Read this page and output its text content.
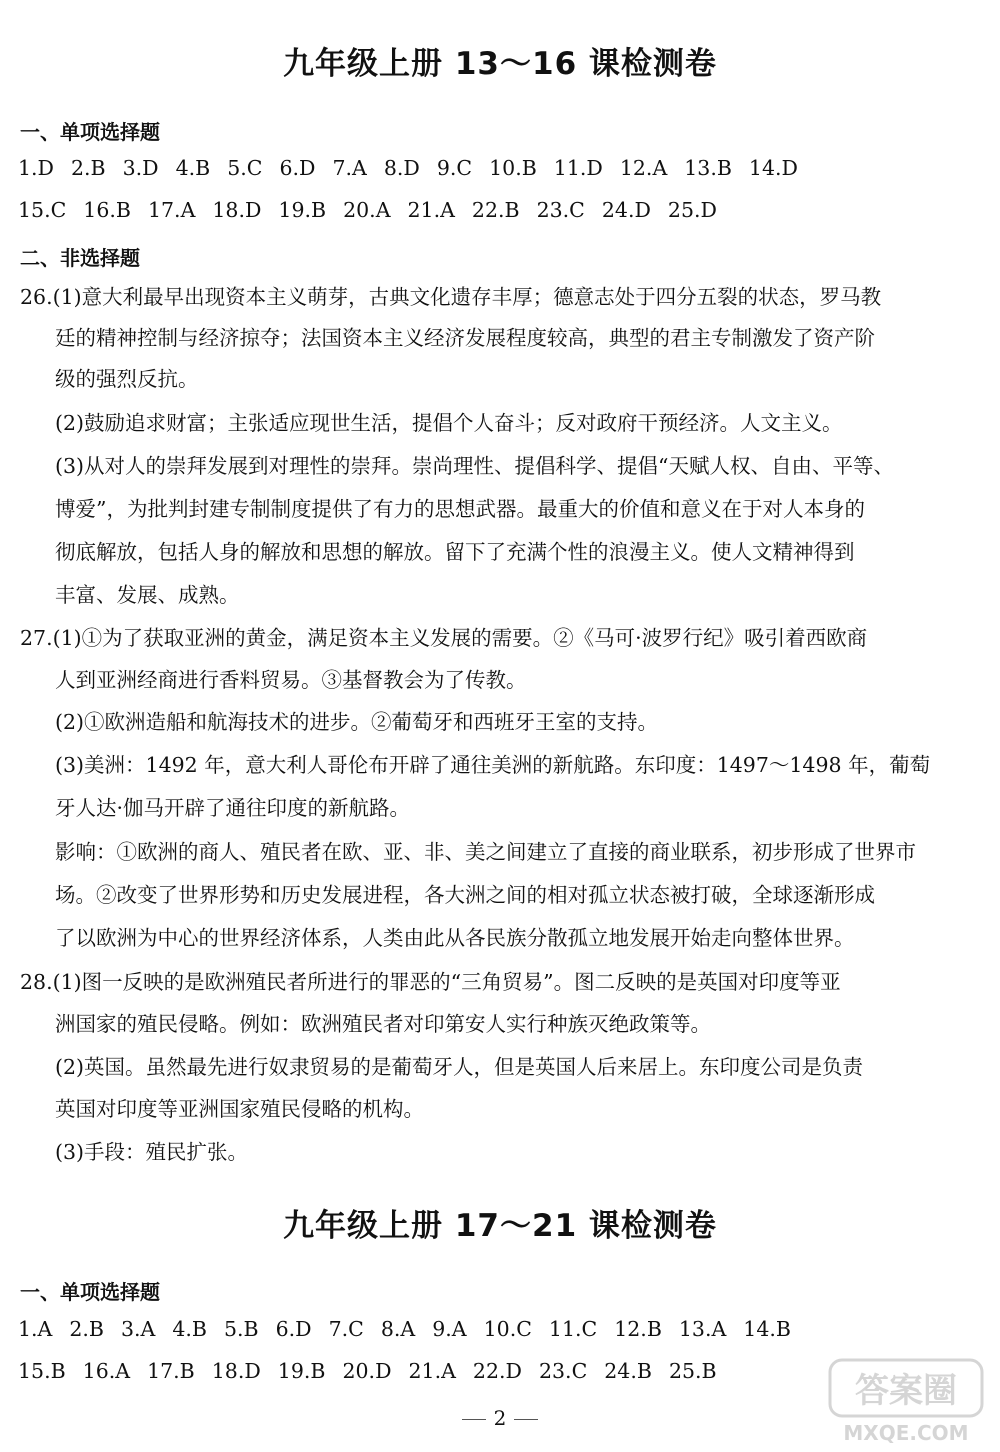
九年级上册 13～16 课检测卷
一、单项选择题
1.D 2.B 3.D 4.B 5.C 6.D 7.A 8.D 9.C 10.B 11.D 12.A 13.B 14.D
15.C 16.B 17.A 18.D 19.B 20.A 21.A 22.B 23.C 24.D 25.D
二、非选择题
26.(1)意大利最早出现资本主义萌芽，古典文化遗存丰厚；德意志处于四分五裂的状态，罗马教
廷的精神控制与经济掠夺；法国资本主义经济发展程度较高，典型的君主专制激发了资产阶
级的强烈反抗。
(2)鼓励追求财富；主张适应现世生活，提倡个人奋斗；反对政府干预经济。人文主义。
(3)从对人的崇拜发展到对理性的崇拜。崇尚理性、提倡科学、提倡“天赋人权、自由、平等、
博爱”，为批判封建专制制度提供了有力的思想武器。最重大的价值和意义在于对人本身的
彻底解放，包括人身的解放和思想的解放。留下了充满个性的浪漫主义。使人文精神得到
丰富、发展、成熟。
27.(1)①为了获取亚洲的黄金，满足资本主义发展的需要。②《马可·波罗行纪》吸引着西欧商
人到亚洲经商进行香料贸易。③基督教会为了传教。
(2)①欧洲造船和航海技术的进步。②葡萄牙和西班牙王室的支持。
(3)美洲：1492 年，意大利人哥伦布开辟了通往美洲的新航路。东印度：1497～1498 年，葡萄
牙人达·伽马开辟了通往印度的新航路。
影响：①欧洲的商人、殖民者在欧、亚、非、美之间建立了直接的商业联系，初步形成了世界市
场。②改变了世界形势和历史发展进程，各大洲之间的相对孤立状态被打破，全球逐渐形成
了以欧洲为中心的世界经济体系，人类由此从各民族分散孤立地发展开始走向整体世界。
28.(1)图一反映的是欧洲殖民者所进行的罪恶的“三角贸易”。图二反映的是英国对印度等亚
洲国家的殖民侵略。例如：欧洲殖民者对印第安人实行种族灭绝政策等。
(2)英国。虽然最先进行奴隶贸易的是葡萄牙人，但是英国人后来居上。东印度公司是负责
英国对印度等亚洲国家殖民侵略的机构。
(3)手段：殖民扩张。
九年级上册 17～21 课检测卷
一、单项选择题
1.A 2.B 3.A 4.B 5.B 6.D 7.C 8.A 9.A 10.C 11.C 12.B 13.A 14.B
15.B 16.A 17.B 18.D 19.B 20.D 21.A 22.D 23.C 24.B 25.B
2
答案圈
MXQE.COM
